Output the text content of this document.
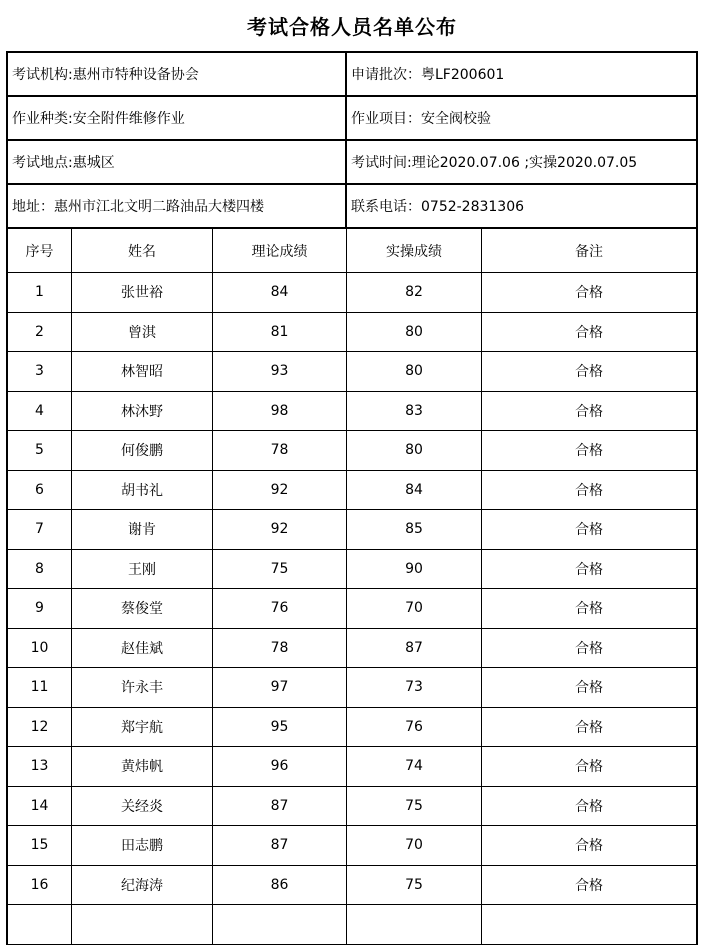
考试合格人员名单公布
考试机构:惠州市特种设备协会	申请批次：粤LF200601
作业种类:安全附件维修作业	作业项目：安全阀校验
考试地点:惠城区	考试时间:理论2020.07.06 ;实操2020.07.05
地址：惠州市江北文明二路油品大楼四楼	联系电话：0752-2831306
序号	姓名	理论成绩	实操成绩	备注
1	张世裕	84	82	合格
2	曾淇	81	80	合格
3	林智昭	93	80	合格
4	林沐野	98	83	合格
5	何俊鹏	78	80	合格
6	胡书礼	92	84	合格
7	谢肯	92	85	合格
8	王刚	75	90	合格
9	蔡俊堂	76	70	合格
10	赵佳斌	78	87	合格
11	许永丰	97	73	合格
12	郑宇航	95	76	合格
13	黄炜帆	96	74	合格
14	关经炎	87	75	合格
15	田志鹏	87	70	合格
16	纪海涛	86	75	合格
